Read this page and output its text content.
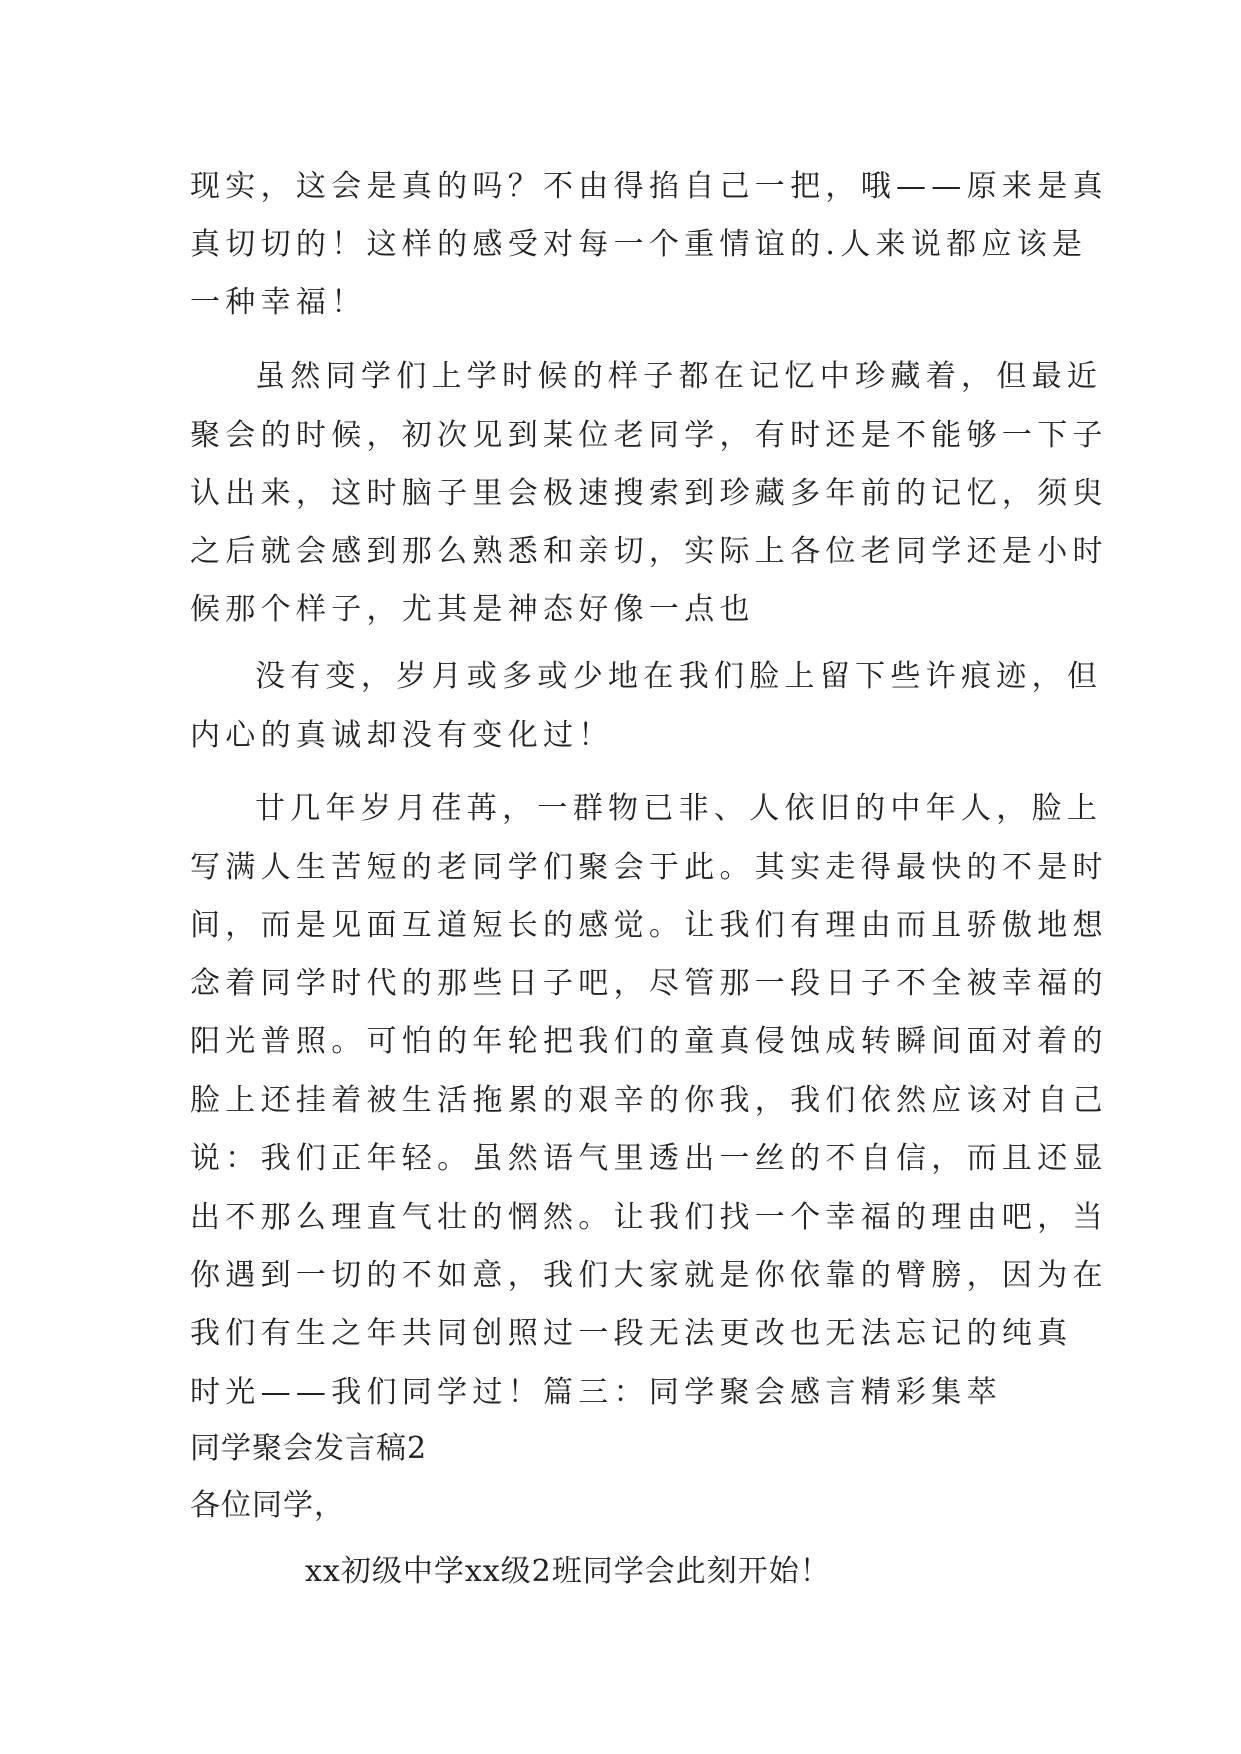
现实，这会是真的吗？不由得掐自己一把，哦——原来是真
真切切的！这样的感受对每一个重情谊的.人来说都应该是
一种幸福！
虽然同学们上学时候的样子都在记忆中珍藏着，但最近
聚会的时候，初次见到某位老同学，有时还是不能够一下子
认出来，这时脑子里会极速搜索到珍藏多年前的记忆，须臾
之后就会感到那么熟悉和亲切，实际上各位老同学还是小时
候那个样子，尤其是神态好像一点也
没有变，岁月或多或少地在我们脸上留下些许痕迹，但
内心的真诚却没有变化过！
廿几年岁月荏苒，一群物已非、人依旧的中年人，脸上
写满人生苦短的老同学们聚会于此。其实走得最快的不是时
间，而是见面互道短长的感觉。让我们有理由而且骄傲地想
念着同学时代的那些日子吧，尽管那一段日子不全被幸福的
阳光普照。可怕的年轮把我们的童真侵蚀成转瞬间面对着的
脸上还挂着被生活拖累的艰辛的你我，我们依然应该对自己
说：我们正年轻。虽然语气里透出一丝的不自信，而且还显
出不那么理直气壮的惘然。让我们找一个幸福的理由吧，当
你遇到一切的不如意，我们大家就是你依靠的臂膀，因为在
我们有生之年共同创照过一段无法更改也无法忘记的纯真
时光——我们同学过！篇三：同学聚会感言精彩集萃
同学聚会发言稿2
各位同学，
xx初级中学xx级2班同学会此刻开始！
